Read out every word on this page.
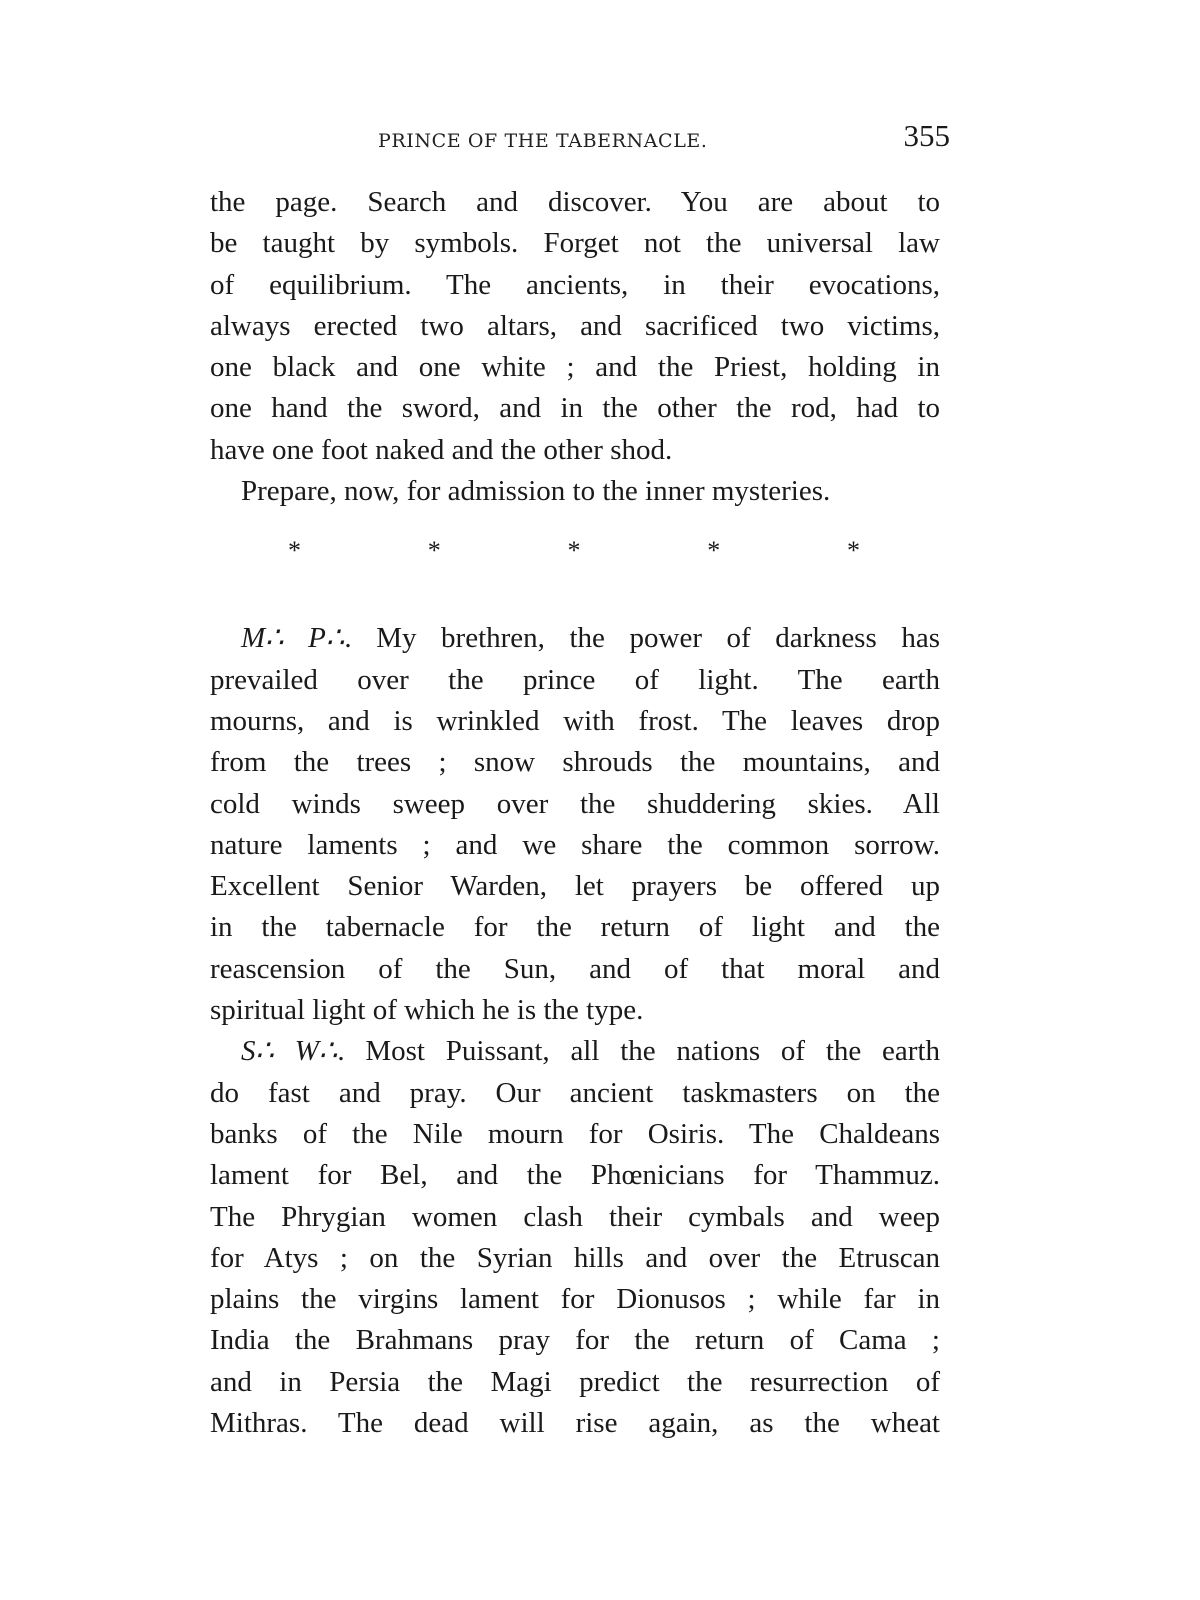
PRINCE OF THE TABERNACLE.	355
the page. Search and discover. You are about to
be taught by symbols. Forget not the universal law
of equilibrium. The ancients, in their evocations,
always erected two altars, and sacrificed two victims,
one black and one white ; and the Priest, holding in
one hand the sword, and in the other the rod, had to
have one foot naked and the other shod.
Prepare, now, for admission to the inner mysteries.
*	*	*	*	*
M∴ P∴. My brethren, the power of darkness has
prevailed over the prince of light. The earth
mourns, and is wrinkled with frost. The leaves drop
from the trees ; snow shrouds the mountains, and
cold winds sweep over the shuddering skies. All
nature laments ; and we share the common sorrow.
Excellent Senior Warden, let prayers be offered up
in the tabernacle for the return of light and the
reascension of the Sun, and of that moral and
spiritual light of which he is the type.
S∴ W∴. Most Puissant, all the nations of the earth
do fast and pray. Our ancient taskmasters on the
banks of the Nile mourn for Osiris. The Chaldeans
lament for Bel, and the Phœnicians for Thammuz.
The Phrygian women clash their cymbals and weep
for Atys ; on the Syrian hills and over the Etruscan
plains the virgins lament for Dionusos ; while far in
India the Brahmans pray for the return of Cama ;
and in Persia the Magi predict the resurrection of
Mithras. The dead will rise again, as the wheat
